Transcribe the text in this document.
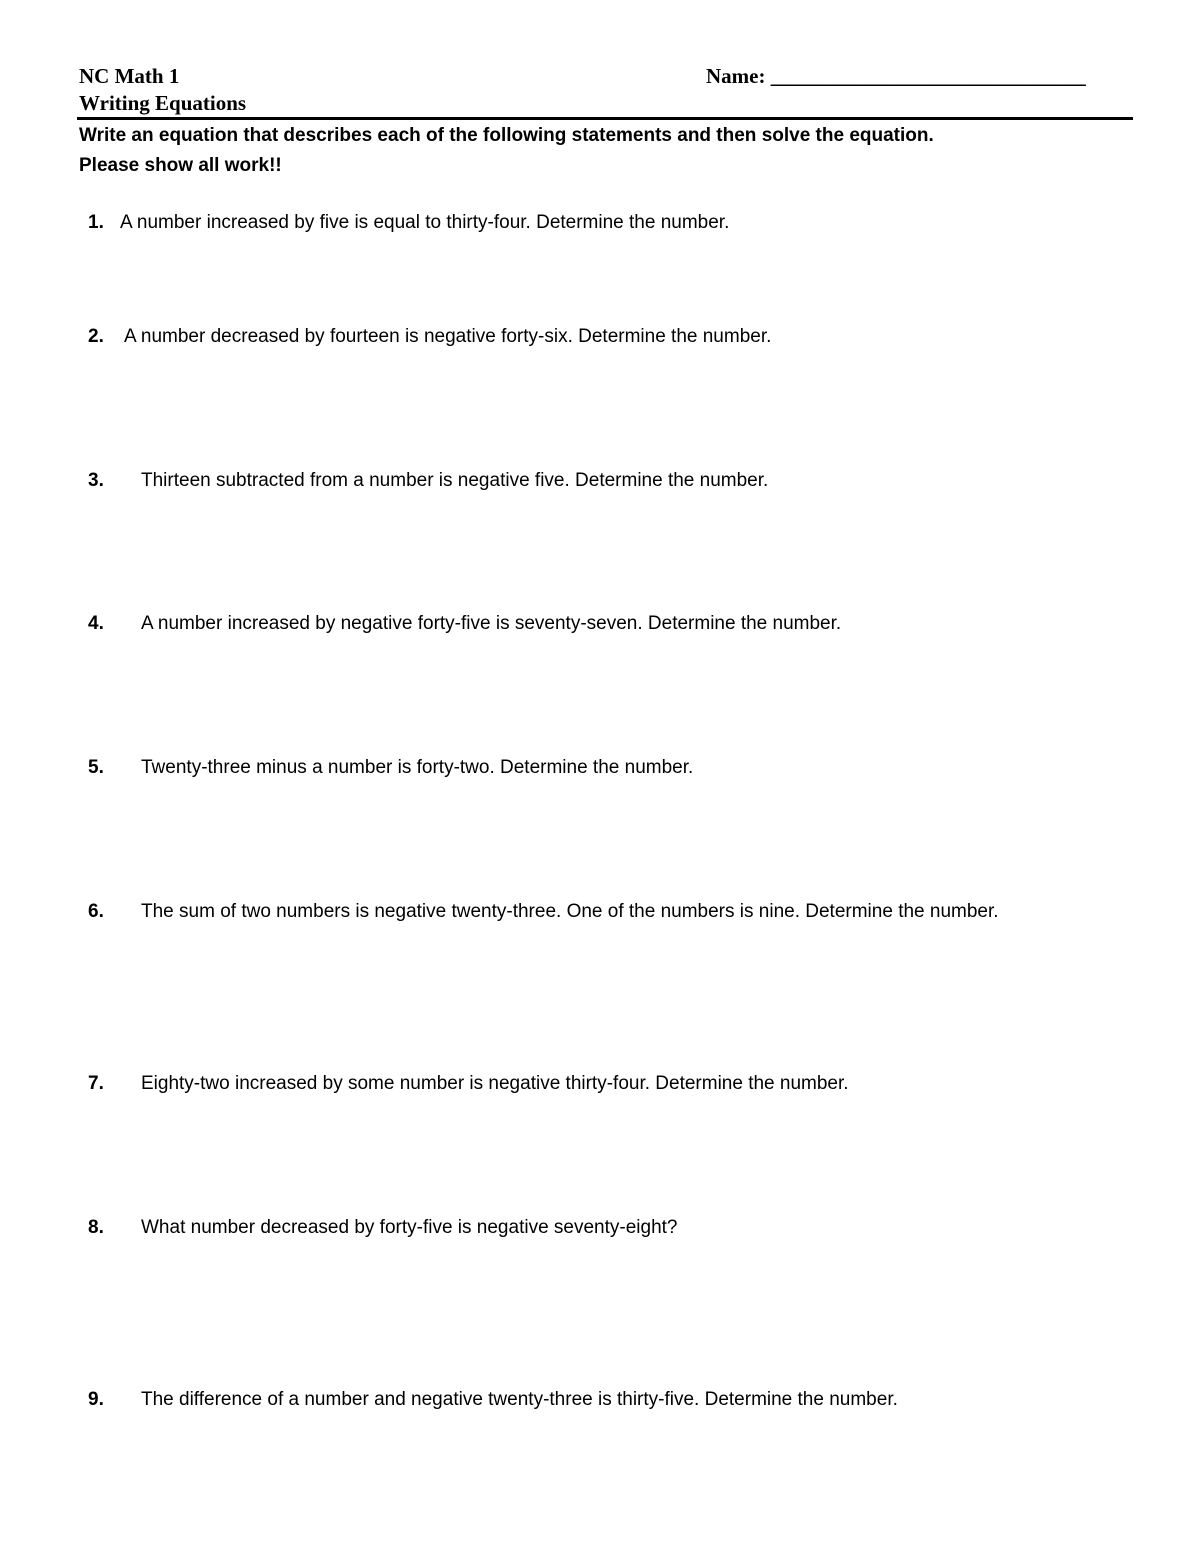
NC Math 1
Writing Equations
Name: ______________________________
Write an equation that describes each of the following statements and then solve the equation.
Please show all work!!
1. A number increased by five is equal to thirty-four. Determine the number.
2. A number decreased by fourteen is negative forty-six. Determine the number.
3. Thirteen subtracted from a number is negative five. Determine the number.
4. A number increased by negative forty-five is seventy-seven. Determine the number.
5. Twenty-three minus a number is forty-two. Determine the number.
6. The sum of two numbers is negative twenty-three. One of the numbers is nine. Determine the number.
7. Eighty-two increased by some number is negative thirty-four. Determine the number.
8. What number decreased by forty-five is negative seventy-eight?
9. The difference of a number and negative twenty-three is thirty-five. Determine the number.
